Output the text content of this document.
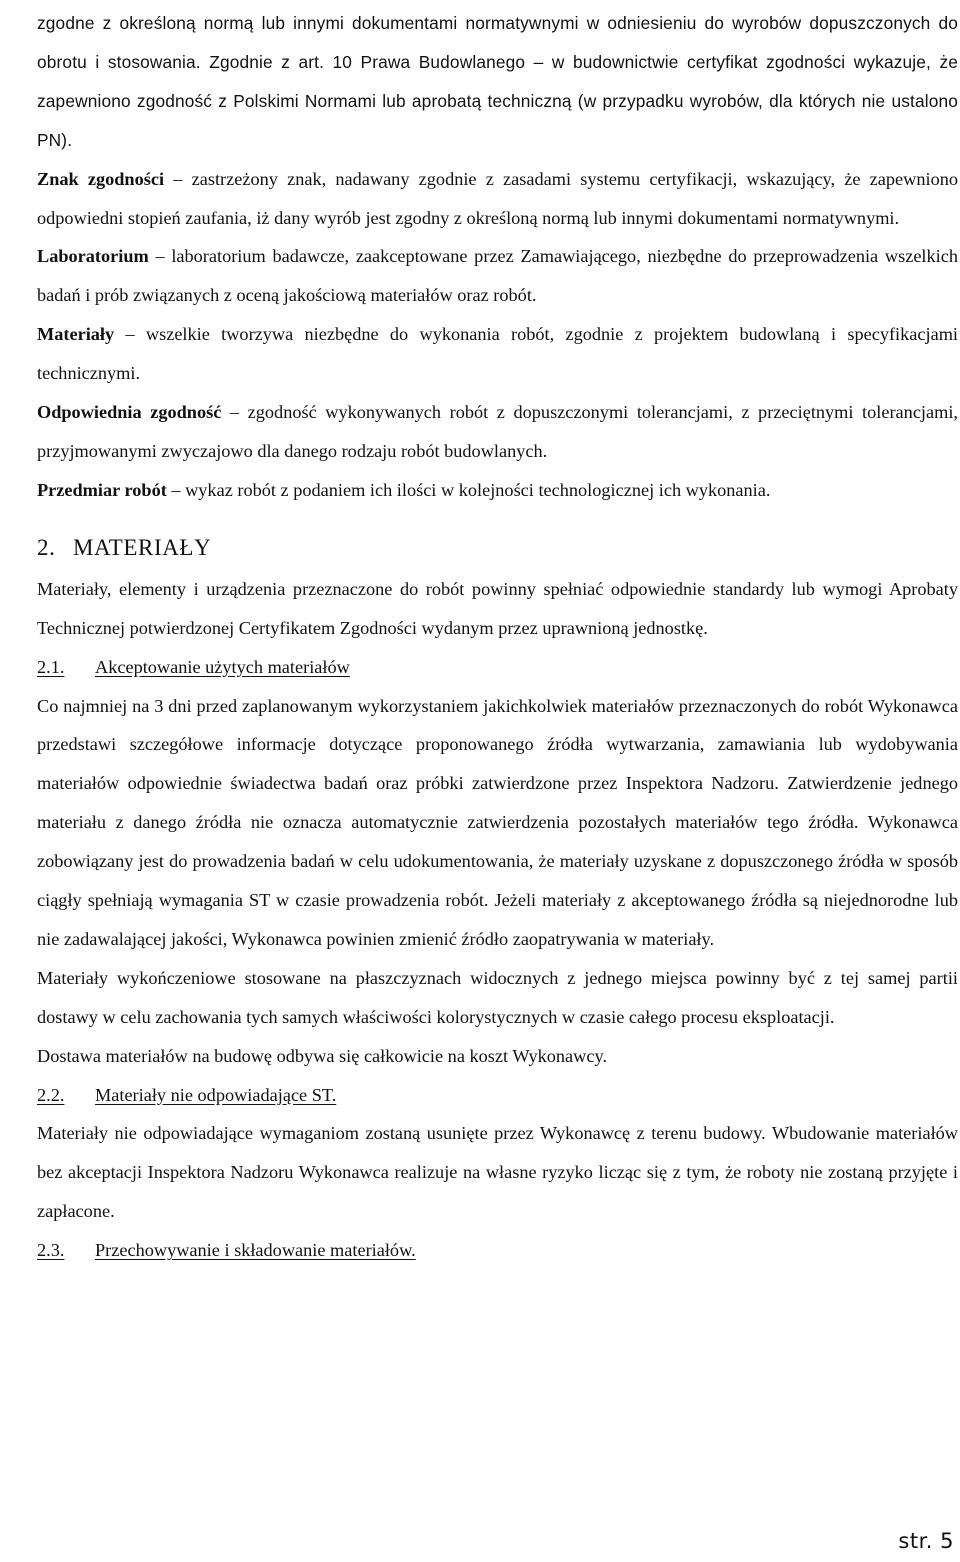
zgodne z określoną normą lub innymi dokumentami normatywnymi w odniesieniu do wyrobów dopuszczonych do obrotu i stosowania. Zgodnie z art. 10 Prawa Budowlanego – w budownictwie certyfikat zgodności wykazuje, że zapewniono zgodność z Polskimi Normami lub aprobatą techniczną (w przypadku wyrobów, dla których nie ustalono PN).

Znak zgodności – zastrzeżony znak, nadawany zgodnie z zasadami systemu certyfikacji, wskazujący, że zapewniono odpowiedni stopień zaufania, iż dany wyrób jest zgodny z określoną normą lub innymi dokumentami normatywnymi.

Laboratorium – laboratorium badawcze, zaakceptowane przez Zamawiającego, niezbędne do przeprowadzenia wszelkich badań i prób związanych z oceną jakościową materiałów oraz robót.

Materiały – wszelkie tworzywa niezbędne do wykonania robót, zgodnie z projektem budowlaną i specyfikacjami technicznymi.

Odpowiednia zgodność – zgodność wykonywanych robót z dopuszczonymi tolerancjami, z przeciętnymi tolerancjami, przyjmowanymi zwyczajowo dla danego rodzaju robót budowlanych.

Przedmiar robót – wykaz robót z podaniem ich ilości w kolejności technologicznej ich wykonania.

2. MATERIAŁY

Materiały, elementy i urządzenia przeznaczone do robót powinny spełniać odpowiednie standardy lub wymogi Aprobaty Technicznej potwierdzonej Certyfikatem Zgodności wydanym przez uprawnioną jednostkę.

2.1.	Akceptowanie użytych materiałów

Co najmniej na 3 dni przed zaplanowanym wykorzystaniem jakichkolwiek materiałów przeznaczonych do robót Wykonawca przedstawi szczegółowe informacje dotyczące proponowanego źródła wytwarzania, zamawiania lub wydobywania materiałów odpowiednie świadectwa badań oraz próbki zatwierdzone przez Inspektora Nadzoru. Zatwierdzenie jednego materiału z danego źródła nie oznacza automatycznie zatwierdzenia pozostałych materiałów tego źródła. Wykonawca zobowiązany jest do prowadzenia badań w celu udokumentowania, że materiały uzyskane z dopuszczonego źródła w sposób ciągły spełniają wymagania ST w czasie prowadzenia robót. Jeżeli materiały z akceptowanego źródła są niejednorodne lub nie zadawalającej jakości, Wykonawca powinien zmienić źródło zaopatrywania w materiały.

Materiały wykończeniowe stosowane na płaszczyznach widocznych z jednego miejsca powinny być z tej samej partii dostawy w celu zachowania tych samych właściwości kolorystycznych w czasie całego procesu eksploatacji.

Dostawa materiałów na budowę odbywa się całkowicie na koszt Wykonawcy.

2.2.	Materiały nie odpowiadające ST.

Materiały nie odpowiadające wymaganiom zostaną usunięte przez Wykonawcę z terenu budowy. Wbudowanie materiałów bez akceptacji Inspektora Nadzoru Wykonawca realizuje na własne ryzyko licząc się z tym, że roboty nie zostaną przyjęte i zapłacone.

2.3.	Przechowywanie i składowanie materiałów.
str. 5
